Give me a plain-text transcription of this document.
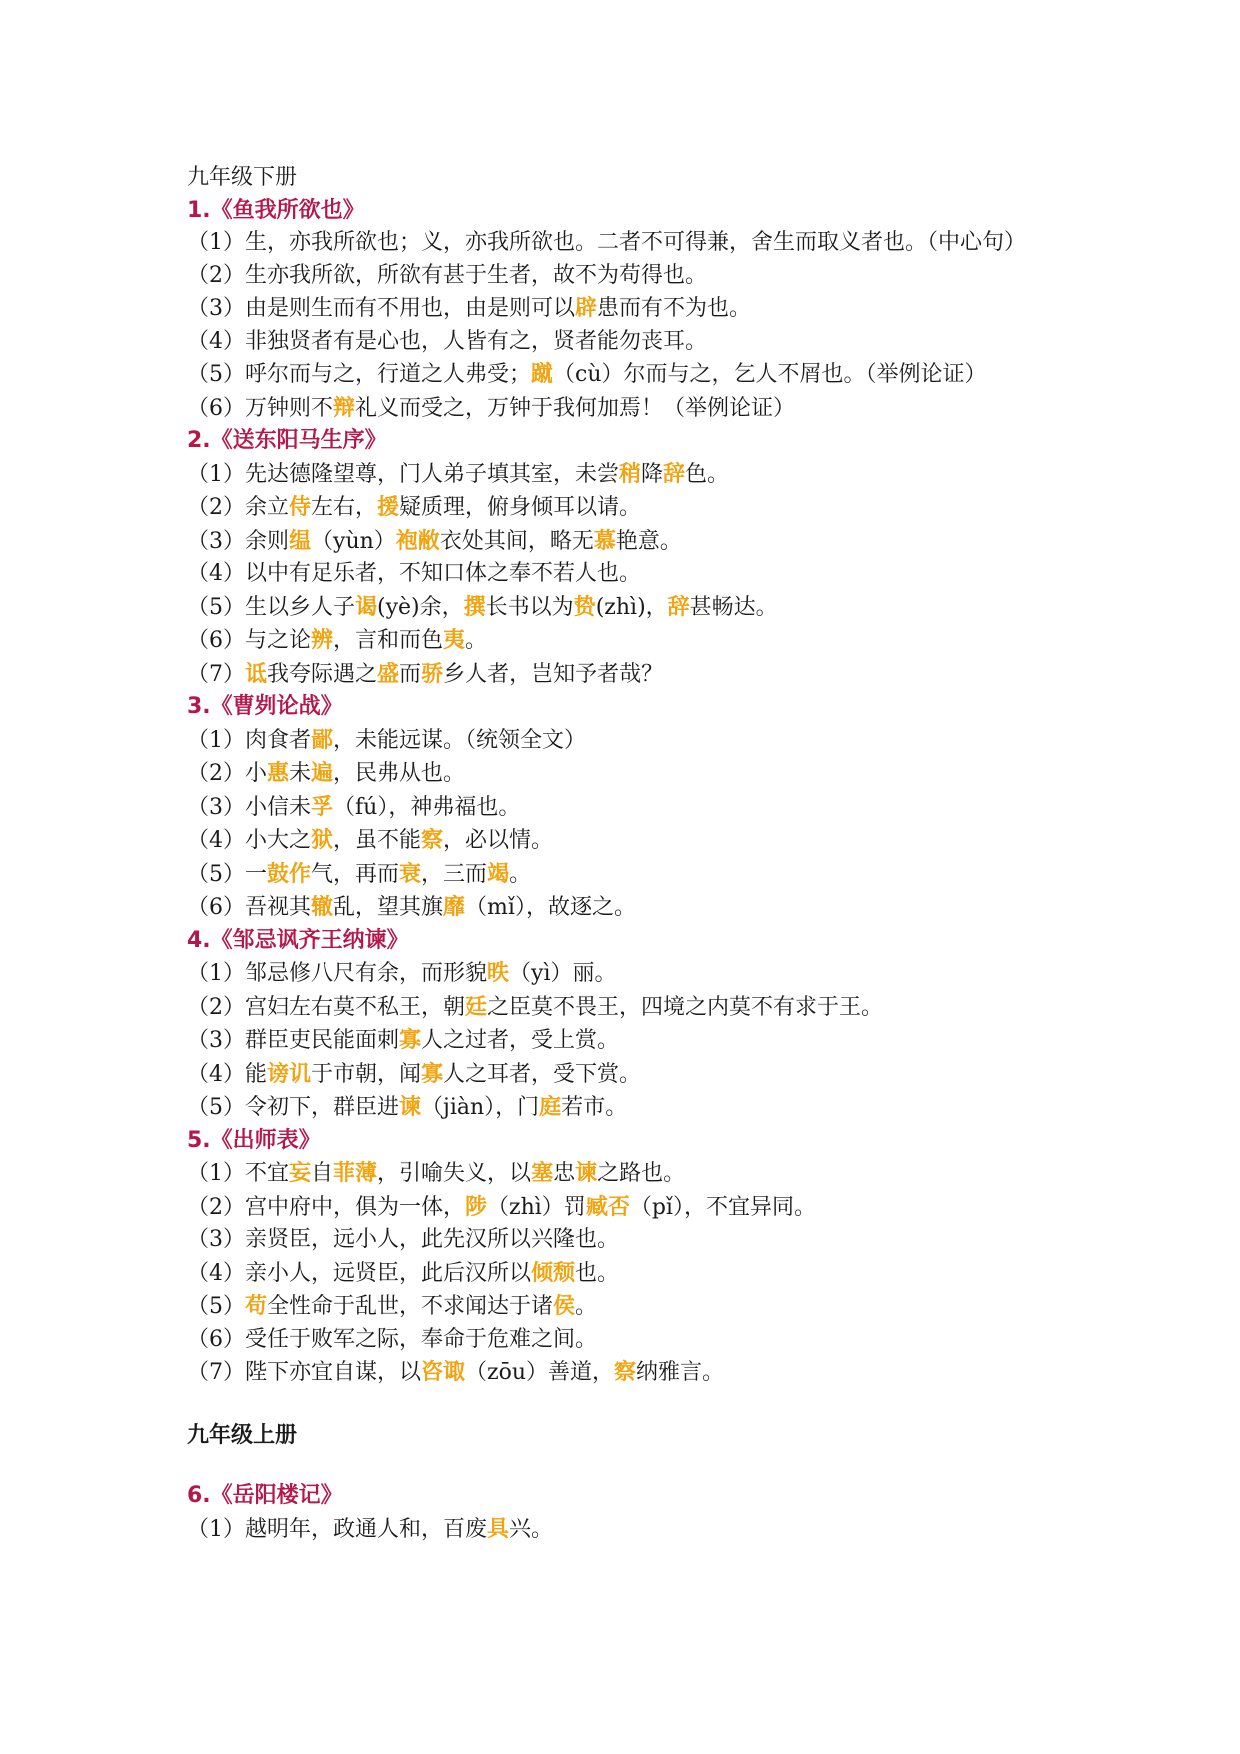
九年级下册
1.《鱼我所欲也》
（1）生，亦我所欲也；义，亦我所欲也。二者不可得兼，舍生而取义者也。（中心句）
（2）生亦我所欲，所欲有甚于生者，故不为苟得也。
（3）由是则生而有不用也，由是则可以辟患而有不为也。
（4）非独贤者有是心也，人皆有之，贤者能勿丧耳。
（5）呼尔而与之，行道之人弗受；蹴（cù）尔而与之，乞人不屑也。（举例论证）
（6）万钟则不辩礼义而受之，万钟于我何加焉！（举例论证）
2.《送东阳马生序》
（1）先达德隆望尊，门人弟子填其室，未尝稍降辞色。
（2）余立侍左右，援疑质理，俯身倾耳以请。
（3）余则缊（yùn）袍敝衣处其间，略无慕艳意。
（4）以中有足乐者，不知口体之奉不若人也。
（5）生以乡人子谒(yè)余，撰长书以为贽(zhì)，辞甚畅达。
（6）与之论辨，言和而色夷。
（7）诋我夸际遇之盛而骄乡人者，岂知予者哉？
3.《曹刿论战》
（1）肉食者鄙，未能远谋。（统领全文）
（2）小惠未遍，民弗从也。
（3）小信未孚（fú），神弗福也。
（4）小大之狱，虽不能察，必以情。
（5）一鼓作气，再而衰，三而竭。
（6）吾视其辙乱，望其旗靡（mǐ），故逐之。
4.《邹忌讽齐王纳谏》
（1）邹忌修八尺有余，而形貌昳（yì）丽。
（2）宫妇左右莫不私王，朝廷之臣莫不畏王，四境之内莫不有求于王。
（3）群臣吏民能面刺寡人之过者，受上赏。
（4）能谤讥于市朝，闻寡人之耳者，受下赏。
（5）令初下，群臣进谏（jiàn），门庭若市。
5.《出师表》
（1）不宜妄自菲薄，引喻失义，以塞忠谏之路也。
（2）宫中府中，俱为一体，陟（zhì）罚臧否（pǐ），不宜异同。
（3）亲贤臣，远小人，此先汉所以兴隆也。
（4）亲小人，远贤臣，此后汉所以倾颓也。
（5）苟全性命于乱世，不求闻达于诸侯。
（6）受任于败军之际，奉命于危难之间。
（7）陛下亦宜自谋，以咨诹（zōu）善道，察纳雅言。
九年级上册
6.《岳阳楼记》
（1）越明年，政通人和，百废具兴。
